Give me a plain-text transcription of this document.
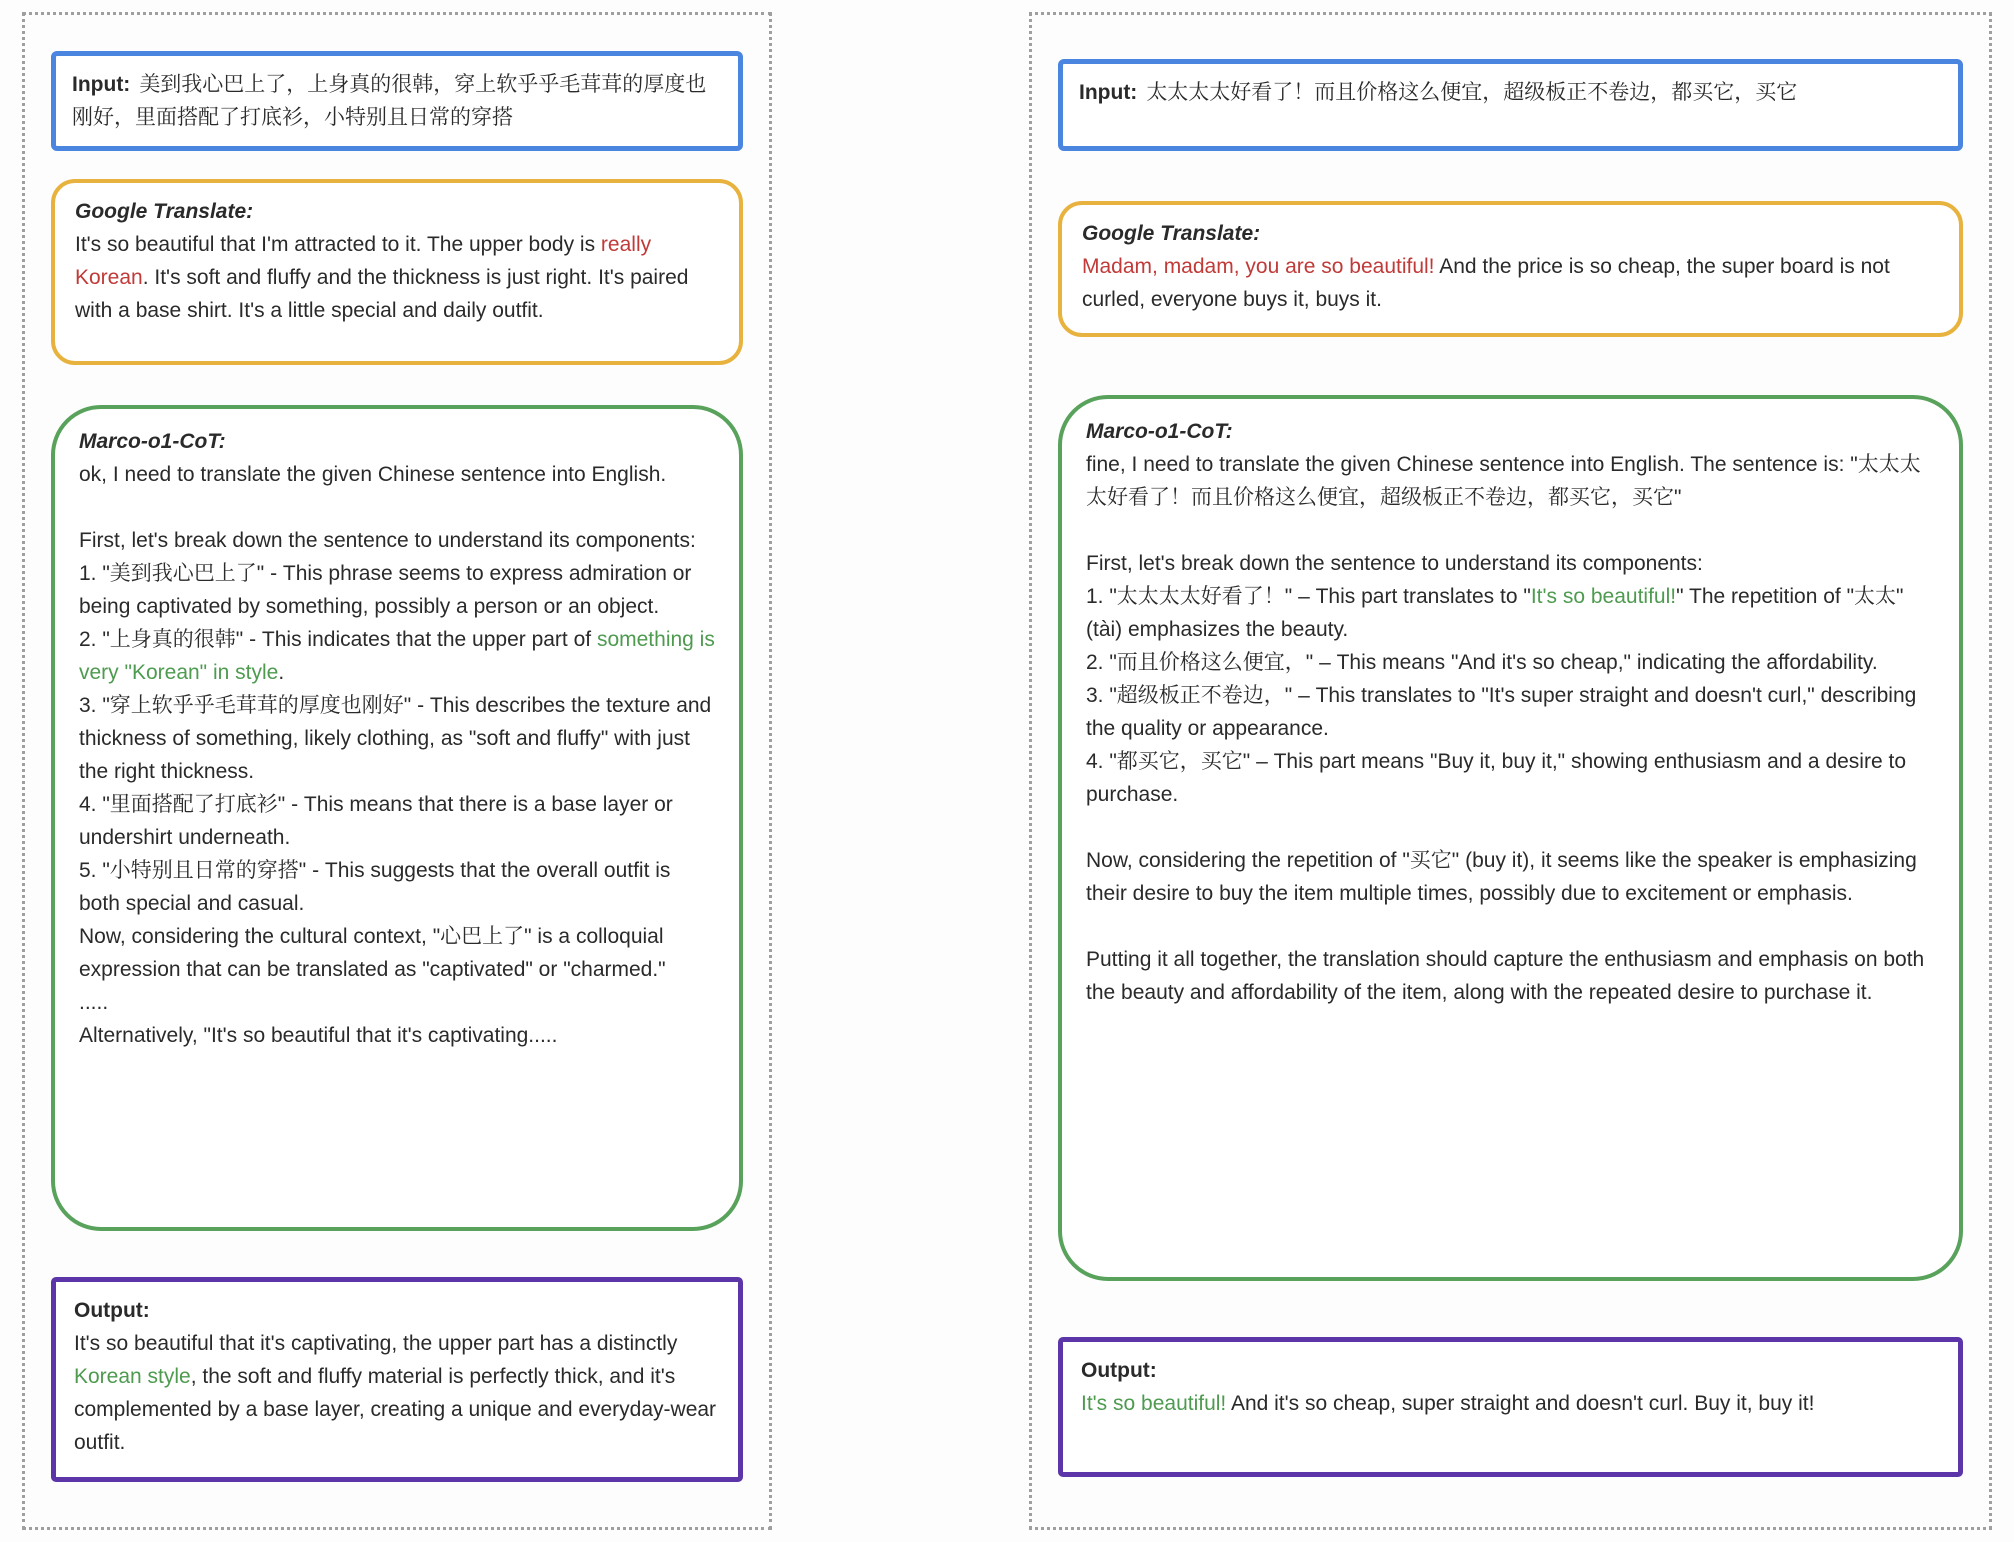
Input: 美到我心巴上了，上身真的很韩，穿上软乎乎毛茸茸的厚度也刚好，里面搭配了打底衫，小特别且日常的穿搭
Google Translate:
It's so beautiful that I'm attracted to it. The upper body is really Korean. It's soft and fluffy and the thickness is just right. It's paired with a base shirt. It's a little special and daily outfit.
Marco-o1-CoT:
ok, I need to translate the given Chinese sentence into English.

First, let's break down the sentence to understand its components:
1. "美到我心巴上了" - This phrase seems to express admiration or being captivated by something, possibly a person or an object.
2. "上身真的很韩" - This indicates that the upper part of something is very "Korean" in style.
3. "穿上软乎乎毛茸茸的厚度也刚好" - This describes the texture and thickness of something, likely clothing, as "soft and fluffy" with just the right thickness.
4. "里面搭配了打底衫" - This means that there is a base layer or undershirt underneath.
5. "小特别且日常的穿搭" - This suggests that the overall outfit is both special and casual.
Now, considering the cultural context, "心巴上了" is a colloquial expression that can be translated as "captivated" or "charmed."
.....
Alternatively, "It's so beautiful that it's captivating.....
Output:
It's so beautiful that it's captivating, the upper part has a distinctly Korean style, the soft and fluffy material is perfectly thick, and it's complemented by a base layer, creating a unique and everyday-wear outfit.
Input: 太太太太好看了！而且价格这么便宜，超级板正不卷边，都买它，买它
Google Translate:
Madam, madam, you are so beautiful! And the price is so cheap, the super board is not curled, everyone buys it, buys it.
Marco-o1-CoT:
fine, I need to translate the given Chinese sentence into English. The sentence is: "太太太太好看了！而且价格这么便宜，超级板正不卷边，都买它，买它"

First, let's break down the sentence to understand its components:
1. "太太太太好看了！" – This part translates to "It's so beautiful!" The repetition of "太太" (tài) emphasizes the beauty.
2. "而且价格这么便宜，" – This means "And it's so cheap," indicating the affordability.
3. "超级板正不卷边，" – This translates to "It's super straight and doesn't curl," describing the quality or appearance.
4. "都买它，买它" – This part means "Buy it, buy it," showing enthusiasm and a desire to purchase.

Now, considering the repetition of "买它" (buy it), it seems like the speaker is emphasizing their desire to buy the item multiple times, possibly due to excitement or emphasis.

Putting it all together, the translation should capture the enthusiasm and emphasis on both the beauty and affordability of the item, along with the repeated desire to purchase it.
Output:
It's so beautiful! And it's so cheap, super straight and doesn't curl. Buy it, buy it!
